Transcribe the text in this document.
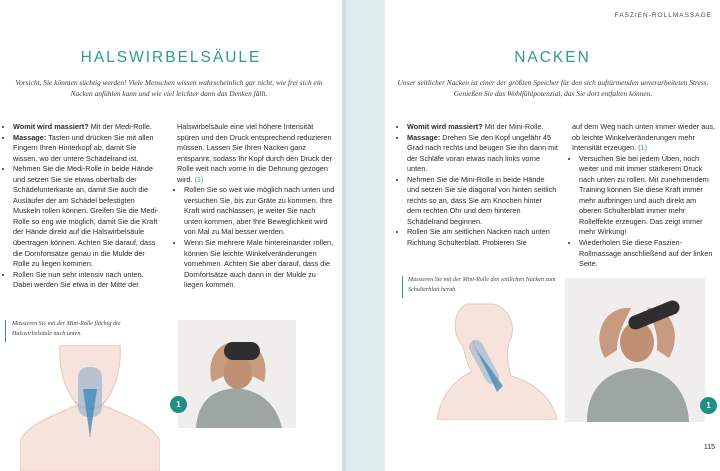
HALSWIRBELSÄULE
Vorsicht, Sie könnten süchtig werden! Viele Menschen wissen wahrscheinlich gar nicht, wie frei sich ein Nacken anfühlen kann und wie viel leichter dann das Denken fällt.
• Womit wird massiert? Mit der Medi-Rolle.
• Massage: Tasten und drücken Sie mit allen Fingern Ihren Hinterkopf ab, damit Sie wissen, wo der untere Schädelrand ist.
• Nehmen Sie die Medi-Rolle in beide Hände und setzen Sie sie etwas oberhalb der Schädelunterkante an, damit Sie auch die Ausläufer der am Schädel befestigten Muskeln rollen können. Greifen Sie die Medi-Rolle so eng wie möglich, damit Sie die Kraft der Hände direkt auf die Halswirbelsäule übertragen können. Achten Sie darauf, dass die Dornfortsätze genau in die Mulde der Rolle zu liegen kommen.
• Rollen Sie nun sehr intensiv nach unten. Dabei werden Sie etwa in der Mitte der

Halswirbelsäule eine viel höhere Intensität spüren und den Druck entsprechend reduzieren müssen. Lassen Sie Ihren Nacken ganz entspannt, sodass Ihr Kopf durch den Druck der Rolle weit nach vorne in die Dehnung gezogen wird. (1)

• Rollen Sie so weit wie möglich nach unten und versuchen Sie, bis zur Gräte zu kommen. Ihre Kraft wird nachlassen, je weiter Sie nach unten kommen, aber Ihre Beweglichkeit wird von Mal zu Mal besser werden.
• Wenn Sie mehrere Male hintereinander rollen, können Sie leichte Winkelveränderungen vornehmen. Achten Sie aber darauf, dass die Dornfortsätze auch dann in der Mulde zu liegen kommen.
Massieren Sie mit der Mini-Rolle flächig die Halswirbelsäule nach unten.
1
FASZIEN-ROLLMASSAGE
NACKEN
Unser seitlicher Nacken ist einer der größten Speicher für den sich auftürmenden unverarbeiteten Stress. Genießen Sie das Wohlfühlpotenzial, das Sie dort entfalten können.
• Womit wird massiert? Mit der Mini-Rolle.
• Massage: Drehen Sie den Kopf ungefähr 45 Grad nach rechts und beugen Sie ihn dann mit der Schläfe voran etwas nach links vorne unten.
• Nehmen Sie die Mini-Rolle in beide Hände und setzen Sie sie diagonal von hinten seitlich rechts so an, dass Sie am Knochen hinter dem rechten Ohr und dem hinteren Schädelrand beginnen.
• Rollen Sie am seitlichen Nacken nach unten Richtung Schulterblatt. Probieren Sie

auf dem Weg nach unten immer wieder aus, ob leichte Winkelveränderungen mehr Intensität erzeugen. (1)

• Versuchen Sie bei jedem Üben, noch weiter und mit immer stärkerem Druck nach unten zu rollen. Mit zunehmendem Training können Sie diese Kraft immer mehr aufbringen und auch direkt am oberen Schulterblatt immer mehr Rolleffekte erzeugen. Das zeigt immer mehr Wirkung!
• Wiederholen Sie diese Faszien-Rollmassage anschließend auf der linken Seite.
Massieren Sie mit der Mini-Rolle den seitlichen Nacken zum Schulterblatt herab.
1
115
